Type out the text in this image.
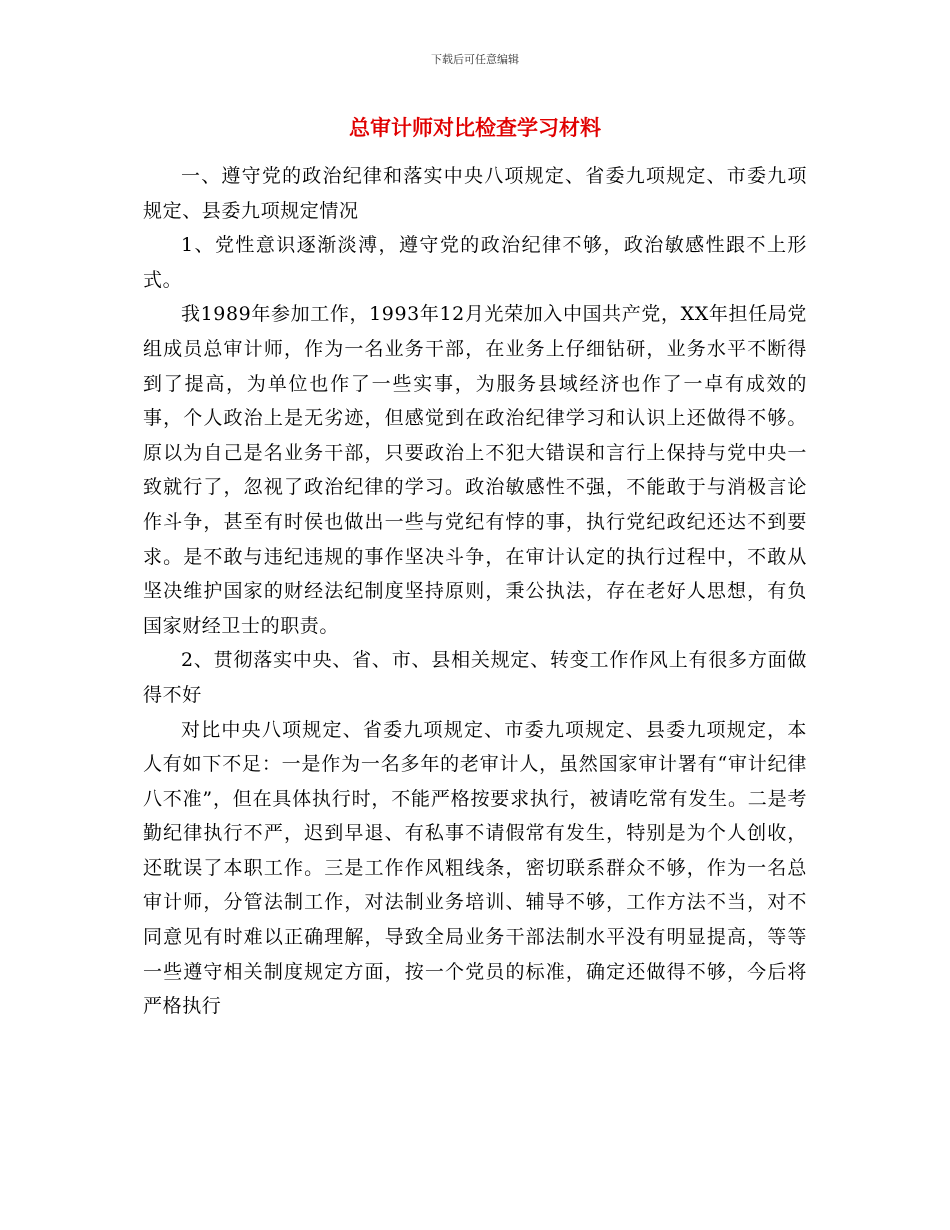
下载后可任意编辑
总审计师对比检查学习材料

一、遵守党的政治纪律和落实中央八项规定、省委九项规定、市委九项规定、县委九项规定情况

1、党性意识逐渐淡溥，遵守党的政治纪律不够，政治敏感性跟不上形式。

我1989年参加工作，1993年12月光荣加入中国共产党，XX年担任局党组成员总审计师，作为一名业务干部，在业务上仔细钻研，业务水平不断得到了提高，为单位也作了一些实事，为服务县域经济也作了一卓有成效的事，个人政治上是无劣迹，但感觉到在政治纪律学习和认识上还做得不够。原以为自己是名业务干部，只要政治上不犯大错误和言行上保持与党中央一致就行了，忽视了政治纪律的学习。政治敏感性不强，不能敢于与消极言论作斗争，甚至有时侯也做出一些与党纪有悖的事，执行党纪政纪还达不到要求。是不敢与违纪违规的事作坚决斗争，在审计认定的执行过程中，不敢从坚决维护国家的财经法纪制度坚持原则，秉公执法，存在老好人思想，有负国家财经卫士的职责。

2、贯彻落实中央、省、市、县相关规定、转变工作作风上有很多方面做得不好

对比中央八项规定、省委九项规定、市委九项规定、县委九项规定，本人有如下不足：一是作为一名多年的老审计人，虽然国家审计署有“审计纪律八不准”，但在具体执行时，不能严格按要求执行，被请吃常有发生。二是考勤纪律执行不严，迟到早退、有私事不请假常有发生，特别是为个人创收，还耽误了本职工作。三是工作作风粗线条，密切联系群众不够，作为一名总审计师，分管法制工作，对法制业务培训、辅导不够，工作方法不当，对不同意见有时难以正确理解，导致全局业务干部法制水平没有明显提高，等等一些遵守相关制度规定方面，按一个党员的标准，确定还做得不够，今后将严格执行
